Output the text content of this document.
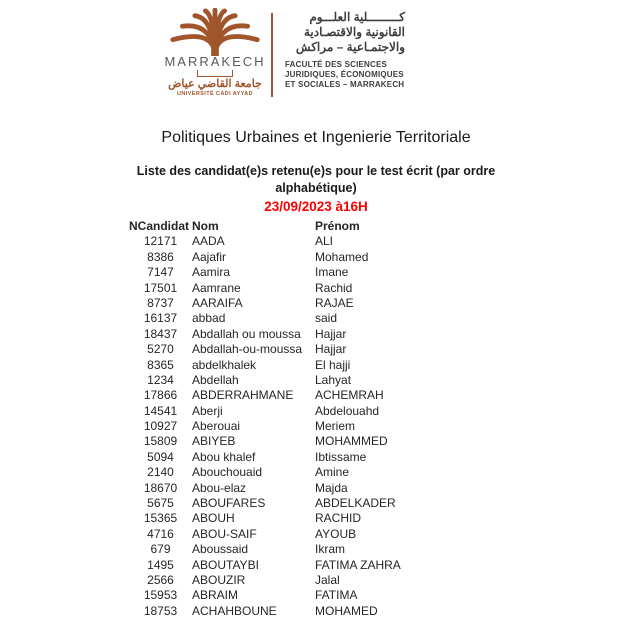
MARRAKECH
جامعة القاضي عياض
UNIVERSITÉ CADI AYYAD
كـــــــــلية العلـــوم
القانونية والاقتصـادية
والاجتمـاعية – مراكش
FACULTÉ DES SCIENCES
JURIDIQUES, ÉCONOMIQUES
ET SOCIALES – MARRAKECH
Politiques Urbaines et Ingenierie Territoriale
Liste des candidat(e)s retenu(e)s pour le test écrit (par ordre alphabétique)
23/09/2023 à16H
NCandidat Nom	Prénom
12171	AADA	ALI
8386	Aajafir	Mohamed
7147	Aamira	Imane
17501	Aamrane	Rachid
8737	AARAIFA	RAJAE
16137	abbad	said
18437	Abdallah ou moussa	Hajjar
5270	Abdallah-ou-moussa	Hajjar
8365	abdelkhalek	El hajji
1234	Abdellah	Lahyat
17866	ABDERRAHMANE	ACHEMRAH
14541	Aberji	Abdelouahd
10927	Aberouai	Meriem
15809	ABIYEB	MOHAMMED
5094	Abou khalef	Ibtissame
2140	Abouchouaid	Amine
18670	Abou-elaz	Majda
5675	ABOUFARES	ABDELKADER
15365	ABOUH	RACHID
4716	ABOU-SAIF	AYOUB
679	Aboussaid	Ikram
1495	ABOUTAYBI	FATIMA ZAHRA
2566	ABOUZIR	Jalal
15953	ABRAIM	FATIMA
18753	ACHAHBOUNE	MOHAMED
